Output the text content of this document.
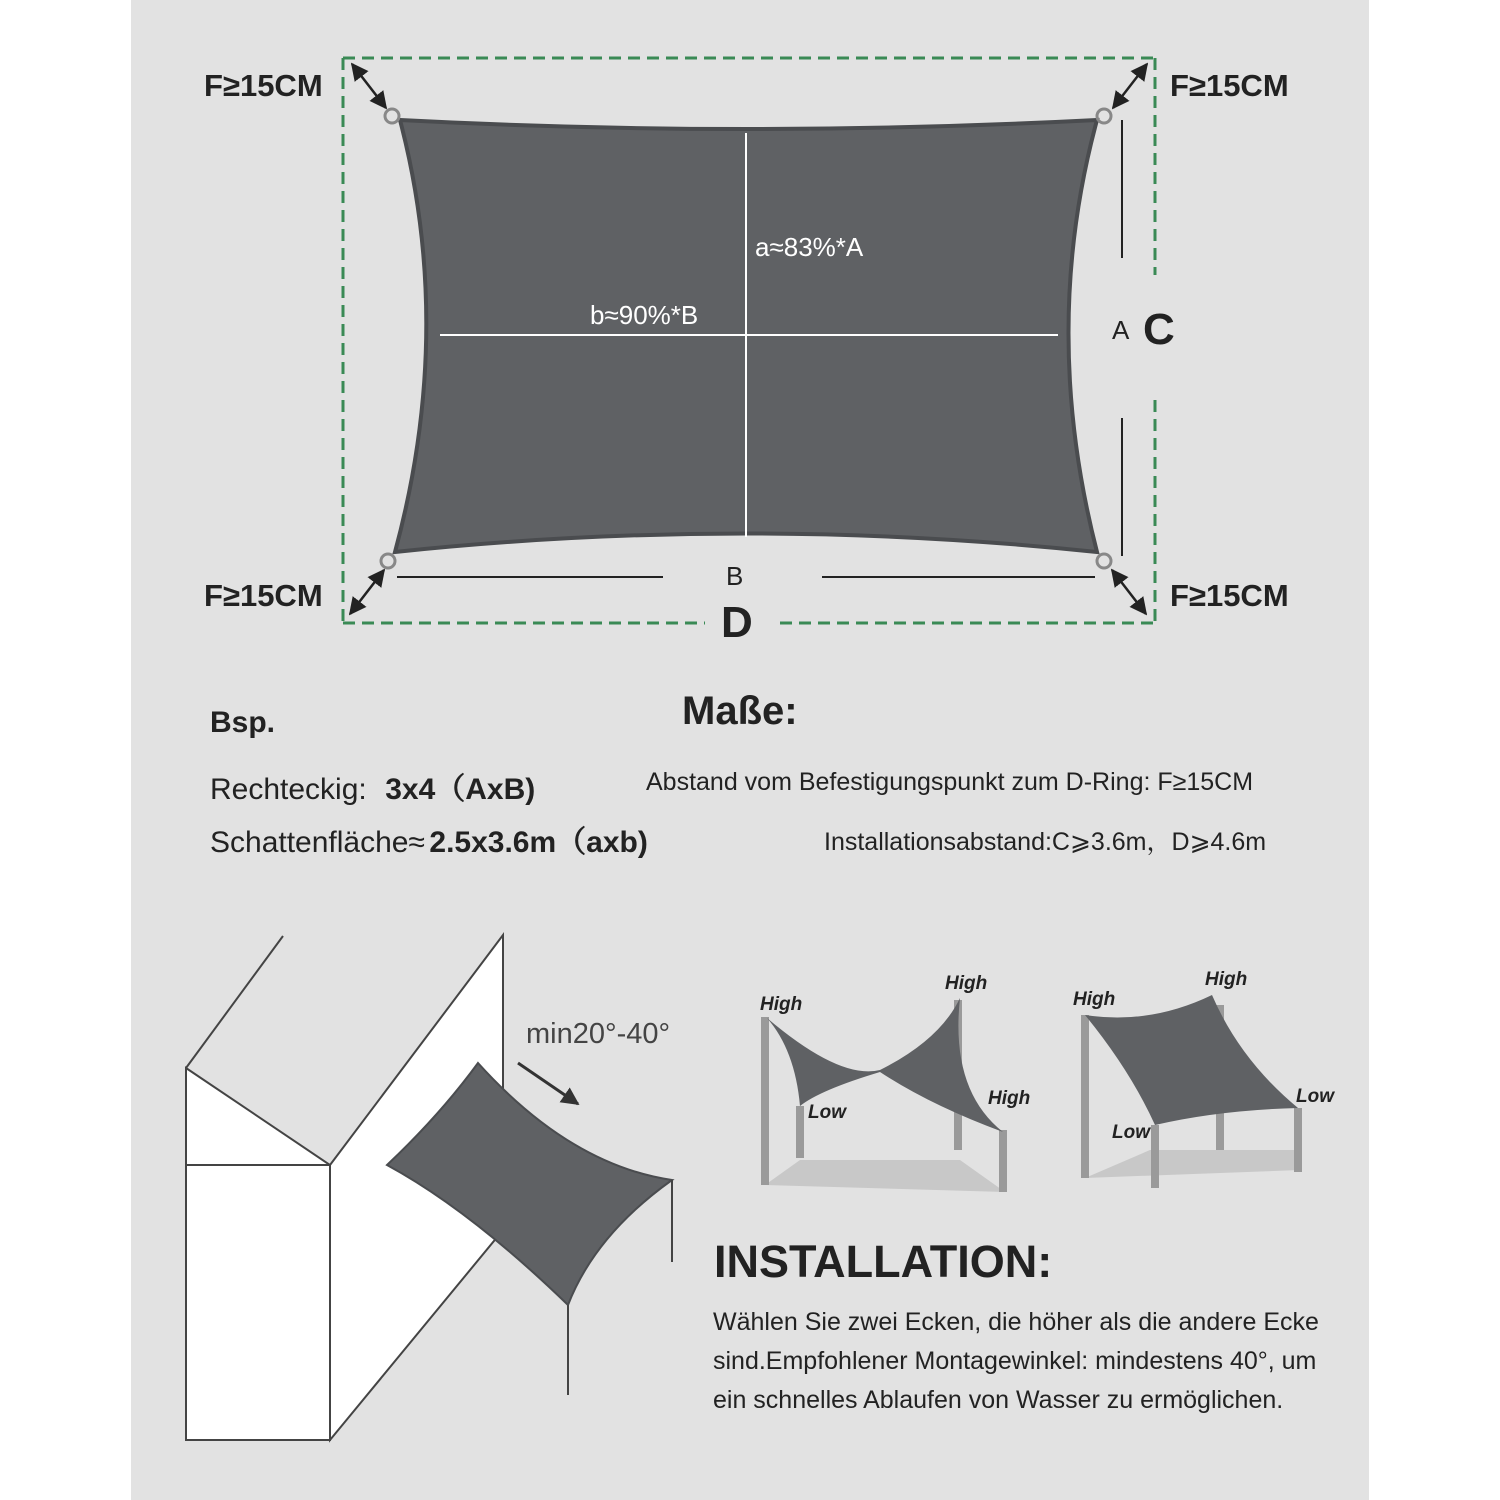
F≥15CM	F≥15CM
F≥15CM	F≥15CM
a≈83%*A
b≈90%*B	A C
B
D
Bsp.	Maße:
Rechteckig: 3x4（AxB)
Schattenfläche≈ 2.5x3.6m（axb)
Abstand vom Befestigungspunkt zum D-Ring: F≥15CM
Installationsabstand:C⩾3.6m，D⩾4.6m
min20°-40°
High
High
High
Low
High
High
Low
Low
INSTALLATION:
Wählen Sie zwei Ecken, die höher als die andere Ecke sind.Empfohlener Montagewinkel: mindestens 40°, um ein schnelles Ablaufen von Wasser zu ermöglichen.
